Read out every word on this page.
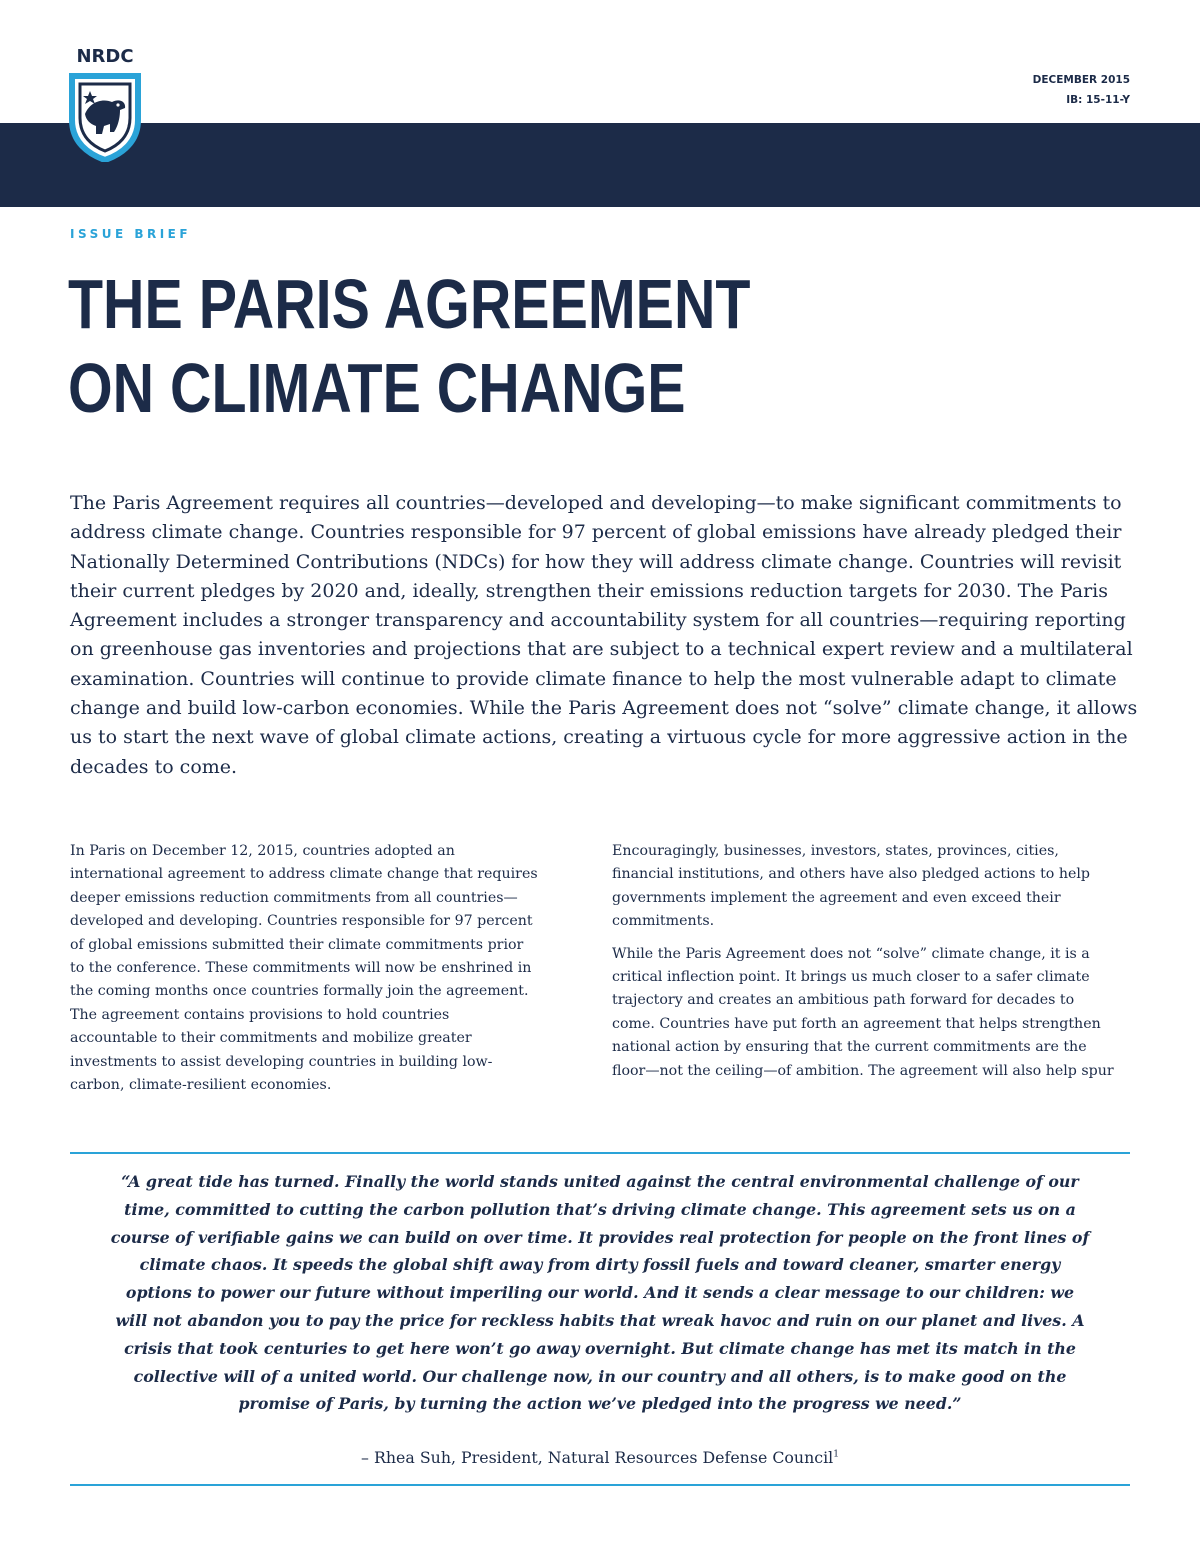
NRDC
DECEMBER 2015
IB: 15-11-Y
ISSUE BRIEF
THE PARIS AGREEMENT
ON CLIMATE CHANGE

The Paris Agreement requires all countries—developed and developing—to make significant commitments to address climate change. Countries responsible for 97 percent of global emissions have already pledged their Nationally Determined Contributions (NDCs) for how they will address climate change. Countries will revisit their current pledges by 2020 and, ideally, strengthen their emissions reduction targets for 2030. The Paris Agreement includes a stronger transparency and accountability system for all countries—requiring reporting on greenhouse gas inventories and projections that are subject to a technical expert review and a multilateral examination. Countries will continue to provide climate finance to help the most vulnerable adapt to climate change and build low-carbon economies. While the Paris Agreement does not “solve” climate change, it allows us to start the next wave of global climate actions, creating a virtuous cycle for more aggressive action in the decades to come.

In Paris on December 12, 2015, countries adopted an international agreement to address climate change that requires deeper emissions reduction commitments from all countries—developed and developing. Countries responsible for 97 percent of global emissions submitted their climate commitments prior to the conference. These commitments will now be enshrined in the coming months once countries formally join the agreement. The agreement contains provisions to hold countries accountable to their commitments and mobilize greater investments to assist developing countries in building low-carbon, climate-resilient economies.

Encouragingly, businesses, investors, states, provinces, cities, financial institutions, and others have also pledged actions to help governments implement the agreement and even exceed their commitments.

While the Paris Agreement does not “solve” climate change, it is a critical inflection point. It brings us much closer to a safer climate trajectory and creates an ambitious path forward for decades to come. Countries have put forth an agreement that helps strengthen national action by ensuring that the current commitments are the floor—not the ceiling—of ambition. The agreement will also help spur

“A great tide has turned. Finally the world stands united against the central environmental challenge of our time, committed to cutting the carbon pollution that’s driving climate change. This agreement sets us on a course of verifiable gains we can build on over time. It provides real protection for people on the front lines of climate chaos. It speeds the global shift away from dirty fossil fuels and toward cleaner, smarter energy options to power our future without imperiling our world. And it sends a clear message to our children: we will not abandon you to pay the price for reckless habits that wreak havoc and ruin on our planet and lives. A crisis that took centuries to get here won’t go away overnight. But climate change has met its match in the collective will of a united world. Our challenge now, in our country and all others, is to make good on the promise of Paris, by turning the action we’ve pledged into the progress we need.”

– Rhea Suh, President, Natural Resources Defense Council$^1$
